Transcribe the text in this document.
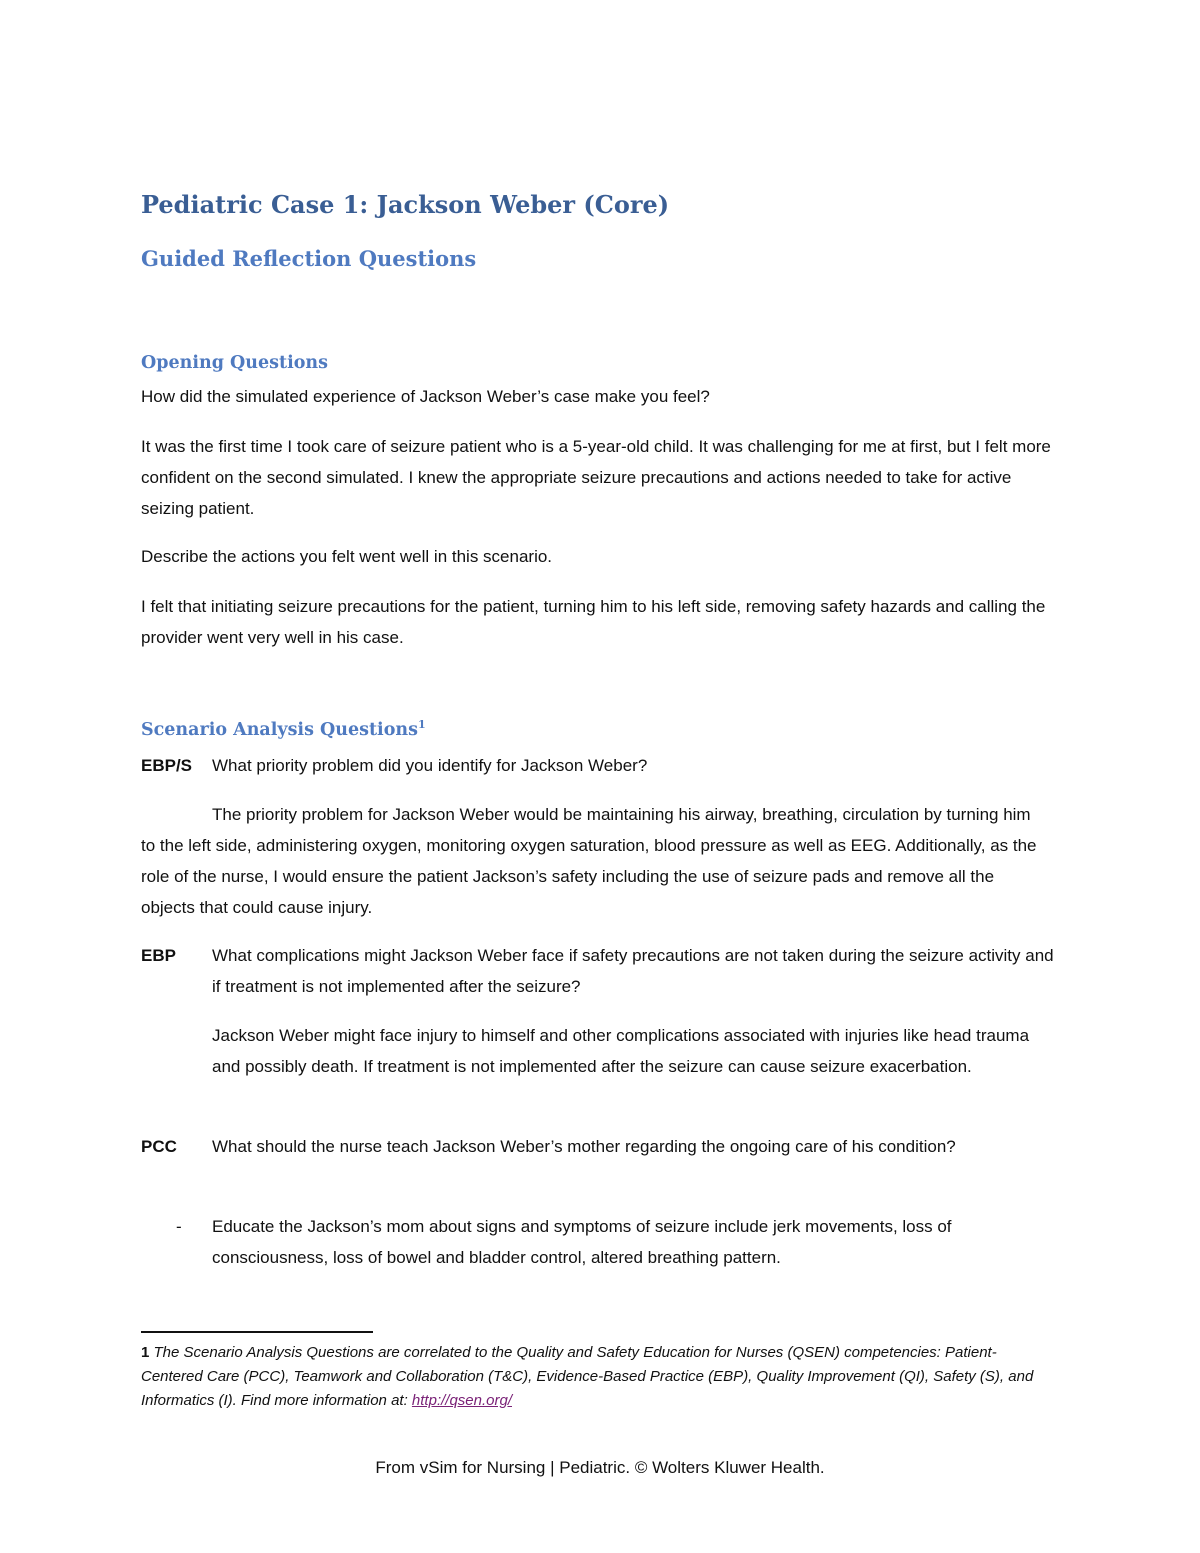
Pediatric Case 1: Jackson Weber (Core)
Guided Reflection Questions
Opening Questions
How did the simulated experience of Jackson Weber’s case make you feel?
It was the first time I took care of seizure patient who is a 5-year-old child. It was challenging for me at first, but I felt more confident on the second simulated. I knew the appropriate seizure precautions and actions needed to take for active seizing patient.
Describe the actions you felt went well in this scenario.
I felt that initiating seizure precautions for the patient, turning him to his left side, removing safety hazards and calling the provider went very well in his case.
Scenario Analysis Questions$^1$
EBP/S What priority problem did you identify for Jackson Weber?
The priority problem for Jackson Weber would be maintaining his airway, breathing, circulation by turning him to the left side, administering oxygen, monitoring oxygen saturation, blood pressure as well as EEG. Additionally, as the role of the nurse, I would ensure the patient Jackson’s safety including the use of seizure pads and remove all the objects that could cause injury.
EBP What complications might Jackson Weber face if safety precautions are not taken during the seizure activity and if treatment is not implemented after the seizure?
Jackson Weber might face injury to himself and other complications associated with injuries like head trauma and possibly death. If treatment is not implemented after the seizure can cause seizure exacerbation.
PCC What should the nurse teach Jackson Weber’s mother regarding the ongoing care of his condition?
- Educate the Jackson’s mom about signs and symptoms of seizure include jerk movements, loss of consciousness, loss of bowel and bladder control, altered breathing pattern.
1 The Scenario Analysis Questions are correlated to the Quality and Safety Education for Nurses (QSEN) competencies: Patient-Centered Care (PCC), Teamwork and Collaboration (T&C), Evidence-Based Practice (EBP), Quality Improvement (QI), Safety (S), and Informatics (I). Find more information at: http://qsen.org/
From vSim for Nursing | Pediatric. © Wolters Kluwer Health.
